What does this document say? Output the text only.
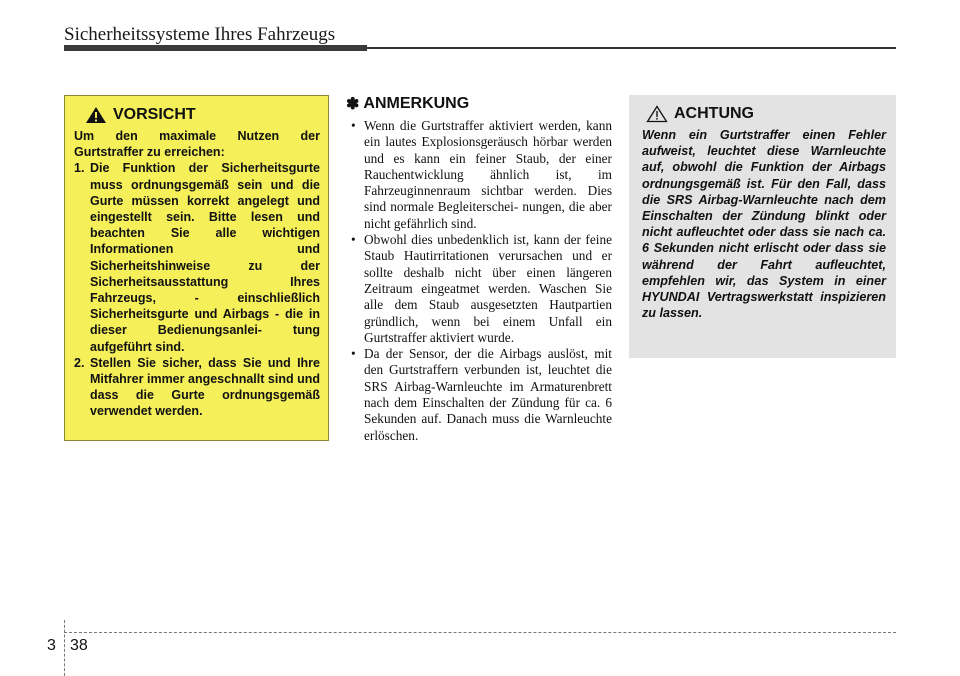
Sicherheitssysteme Ihres Fahrzeugs
VORSICHT

Um den maximale Nutzen der Gurtstraffer zu erreichen:

1. Die Funktion der Sicherheitsgurte muss ordnungsgemäß sein und die Gurte müssen korrekt angelegt und eingestellt sein. Bitte lesen und beachten Sie alle wichtigen Informationen und Sicherheitshinweise zu der Sicherheitsausstattung Ihres Fahrzeugs, - einschließlich Sicherheitsgurte und Airbags - die in dieser Bedienungsanlei- tung aufgeführt sind.
2. Stellen Sie sicher, dass Sie und Ihre Mitfahrer immer angeschnallt sind und dass die Gurte ordnungsgemäß verwendet werden.
✽ ANMERKUNG
• Wenn die Gurtstraffer aktiviert werden, kann ein lautes Explosionsgeräusch hörbar werden und es kann ein feiner Staub, der einer Rauchentwicklung ähnlich ist, im Fahrzeuginnenraum sichtbar werden. Dies sind normale Begleiterschei- nungen, die aber nicht gefährlich sind.
• Obwohl dies unbedenklich ist, kann der feine Staub Hautirritationen verursachen und er sollte deshalb nicht über einen längeren Zeitraum eingeatmet werden. Waschen Sie alle dem Staub ausgesetzten Hautpartien gründlich, wenn bei einem Unfall ein Gurtstraffer aktiviert wurde.
• Da der Sensor, der die Airbags auslöst, mit den Gurtstraffern verbunden ist, leuchtet die SRS Airbag-Warnleuchte im Armaturenbrett nach dem Einschalten der Zündung für ca. 6 Sekunden auf. Danach muss die Warnleuchte erlöschen.
ACHTUNG

Wenn ein Gurtstraffer einen Fehler aufweist, leuchtet diese Warnleuchte auf, obwohl die Funktion der Airbags ordnungsgemäß ist. Für den Fall, dass die SRS Airbag-Warnleuchte nach dem Einschalten der Zündung blinkt oder nicht aufleuchtet oder dass sie nach ca. 6 Sekunden nicht erlischt oder dass sie während der Fahrt aufleuchtet, empfehlen wir, das System in einer HYUNDAI Vertragswerkstatt inspizieren zu lassen.

3 38
